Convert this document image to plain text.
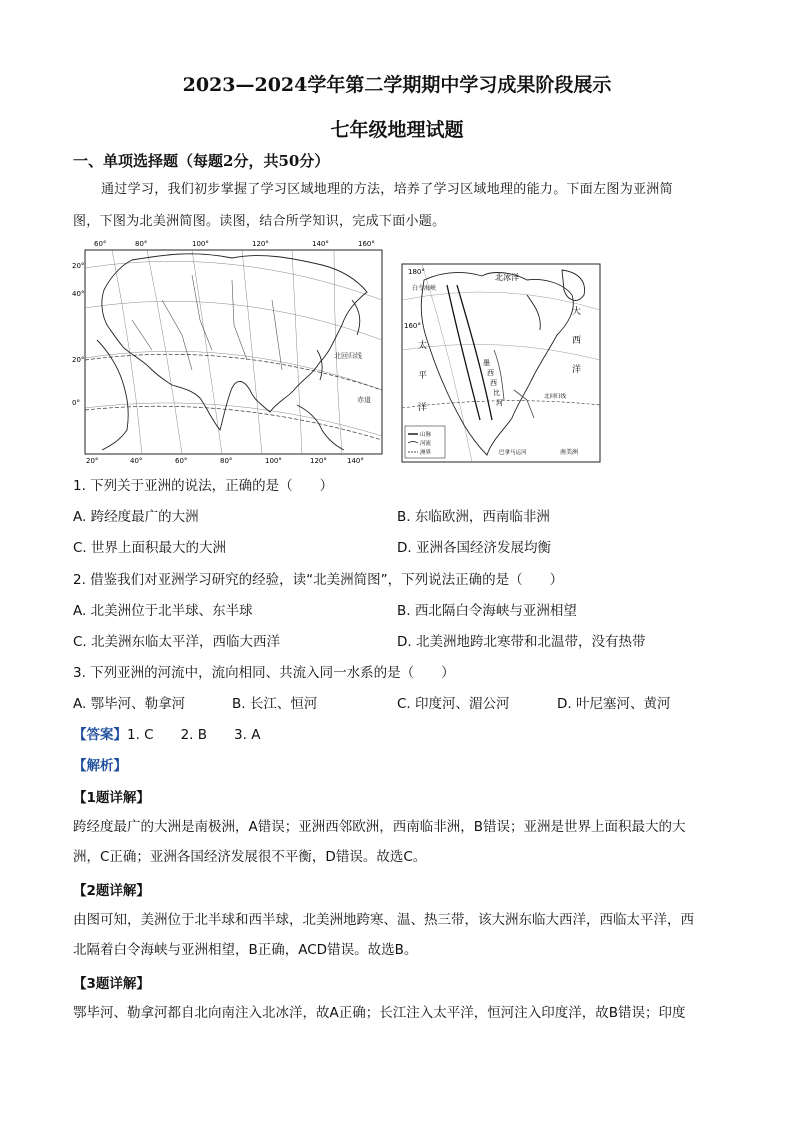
2023—2024学年第二学期期中学习成果阶段展示
七年级地理试题
一、单项选择题（每题2分，共50分）
通过学习，我们初步掌握了学习区域地理的方法，培养了学习区域地理的能力。下面左图为亚洲简
图，下图为北美洲简图。读图，结合所学知识，完成下面小题。
北回归线
赤道
60°	80°	100°	120°	140°	160°
20°
40°
20°
0°
20°	40°	60°	80°	100°	120°	140°
180°
北冰洋
白令海峡
160°
大
西
洋
太
平
洋
墨
西
西
比
河
北回归线
巴拿马运河	南美洲
山脉
河流
洲界
1. 下列关于亚洲的说法，正确的是（　　）
A. 跨经度最广的大洲	B. 东临欧洲，西南临非洲
C. 世界上面积最大的大洲	D. 亚洲各国经济发展均衡
2. 借鉴我们对亚洲学习研究的经验，读“北美洲简图”，下列说法正确的是（　　）
A. 北美洲位于北半球、东半球	B. 西北隔白令海峡与亚洲相望
C. 北美洲东临太平洋，西临大西洋	D. 北美洲地跨北寒带和北温带，没有热带
3. 下列亚洲的河流中，流向相同、共流入同一水系的是（　　）
A. 鄂毕河、勒拿河	B. 长江、恒河	C. 印度河、湄公河	D. 叶尼塞河、黄河
【答案】1. C　　2. B　　3. A
【解析】
【1题详解】
跨经度最广的大洲是南极洲，A错误；亚洲西邻欧洲，西南临非洲，B错误；亚洲是世界上面积最大的大
洲，C正确；亚洲各国经济发展很不平衡，D错误。故选C。
【2题详解】
由图可知，美洲位于北半球和西半球，北美洲地跨寒、温、热三带，该大洲东临大西洋，西临太平洋，西
北隔着白令海峡与亚洲相望，B正确，ACD错误。故选B。
【3题详解】
鄂毕河、勒拿河都自北向南注入北冰洋，故A正确；长江注入太平洋，恒河注入印度洋，故B错误；印度
